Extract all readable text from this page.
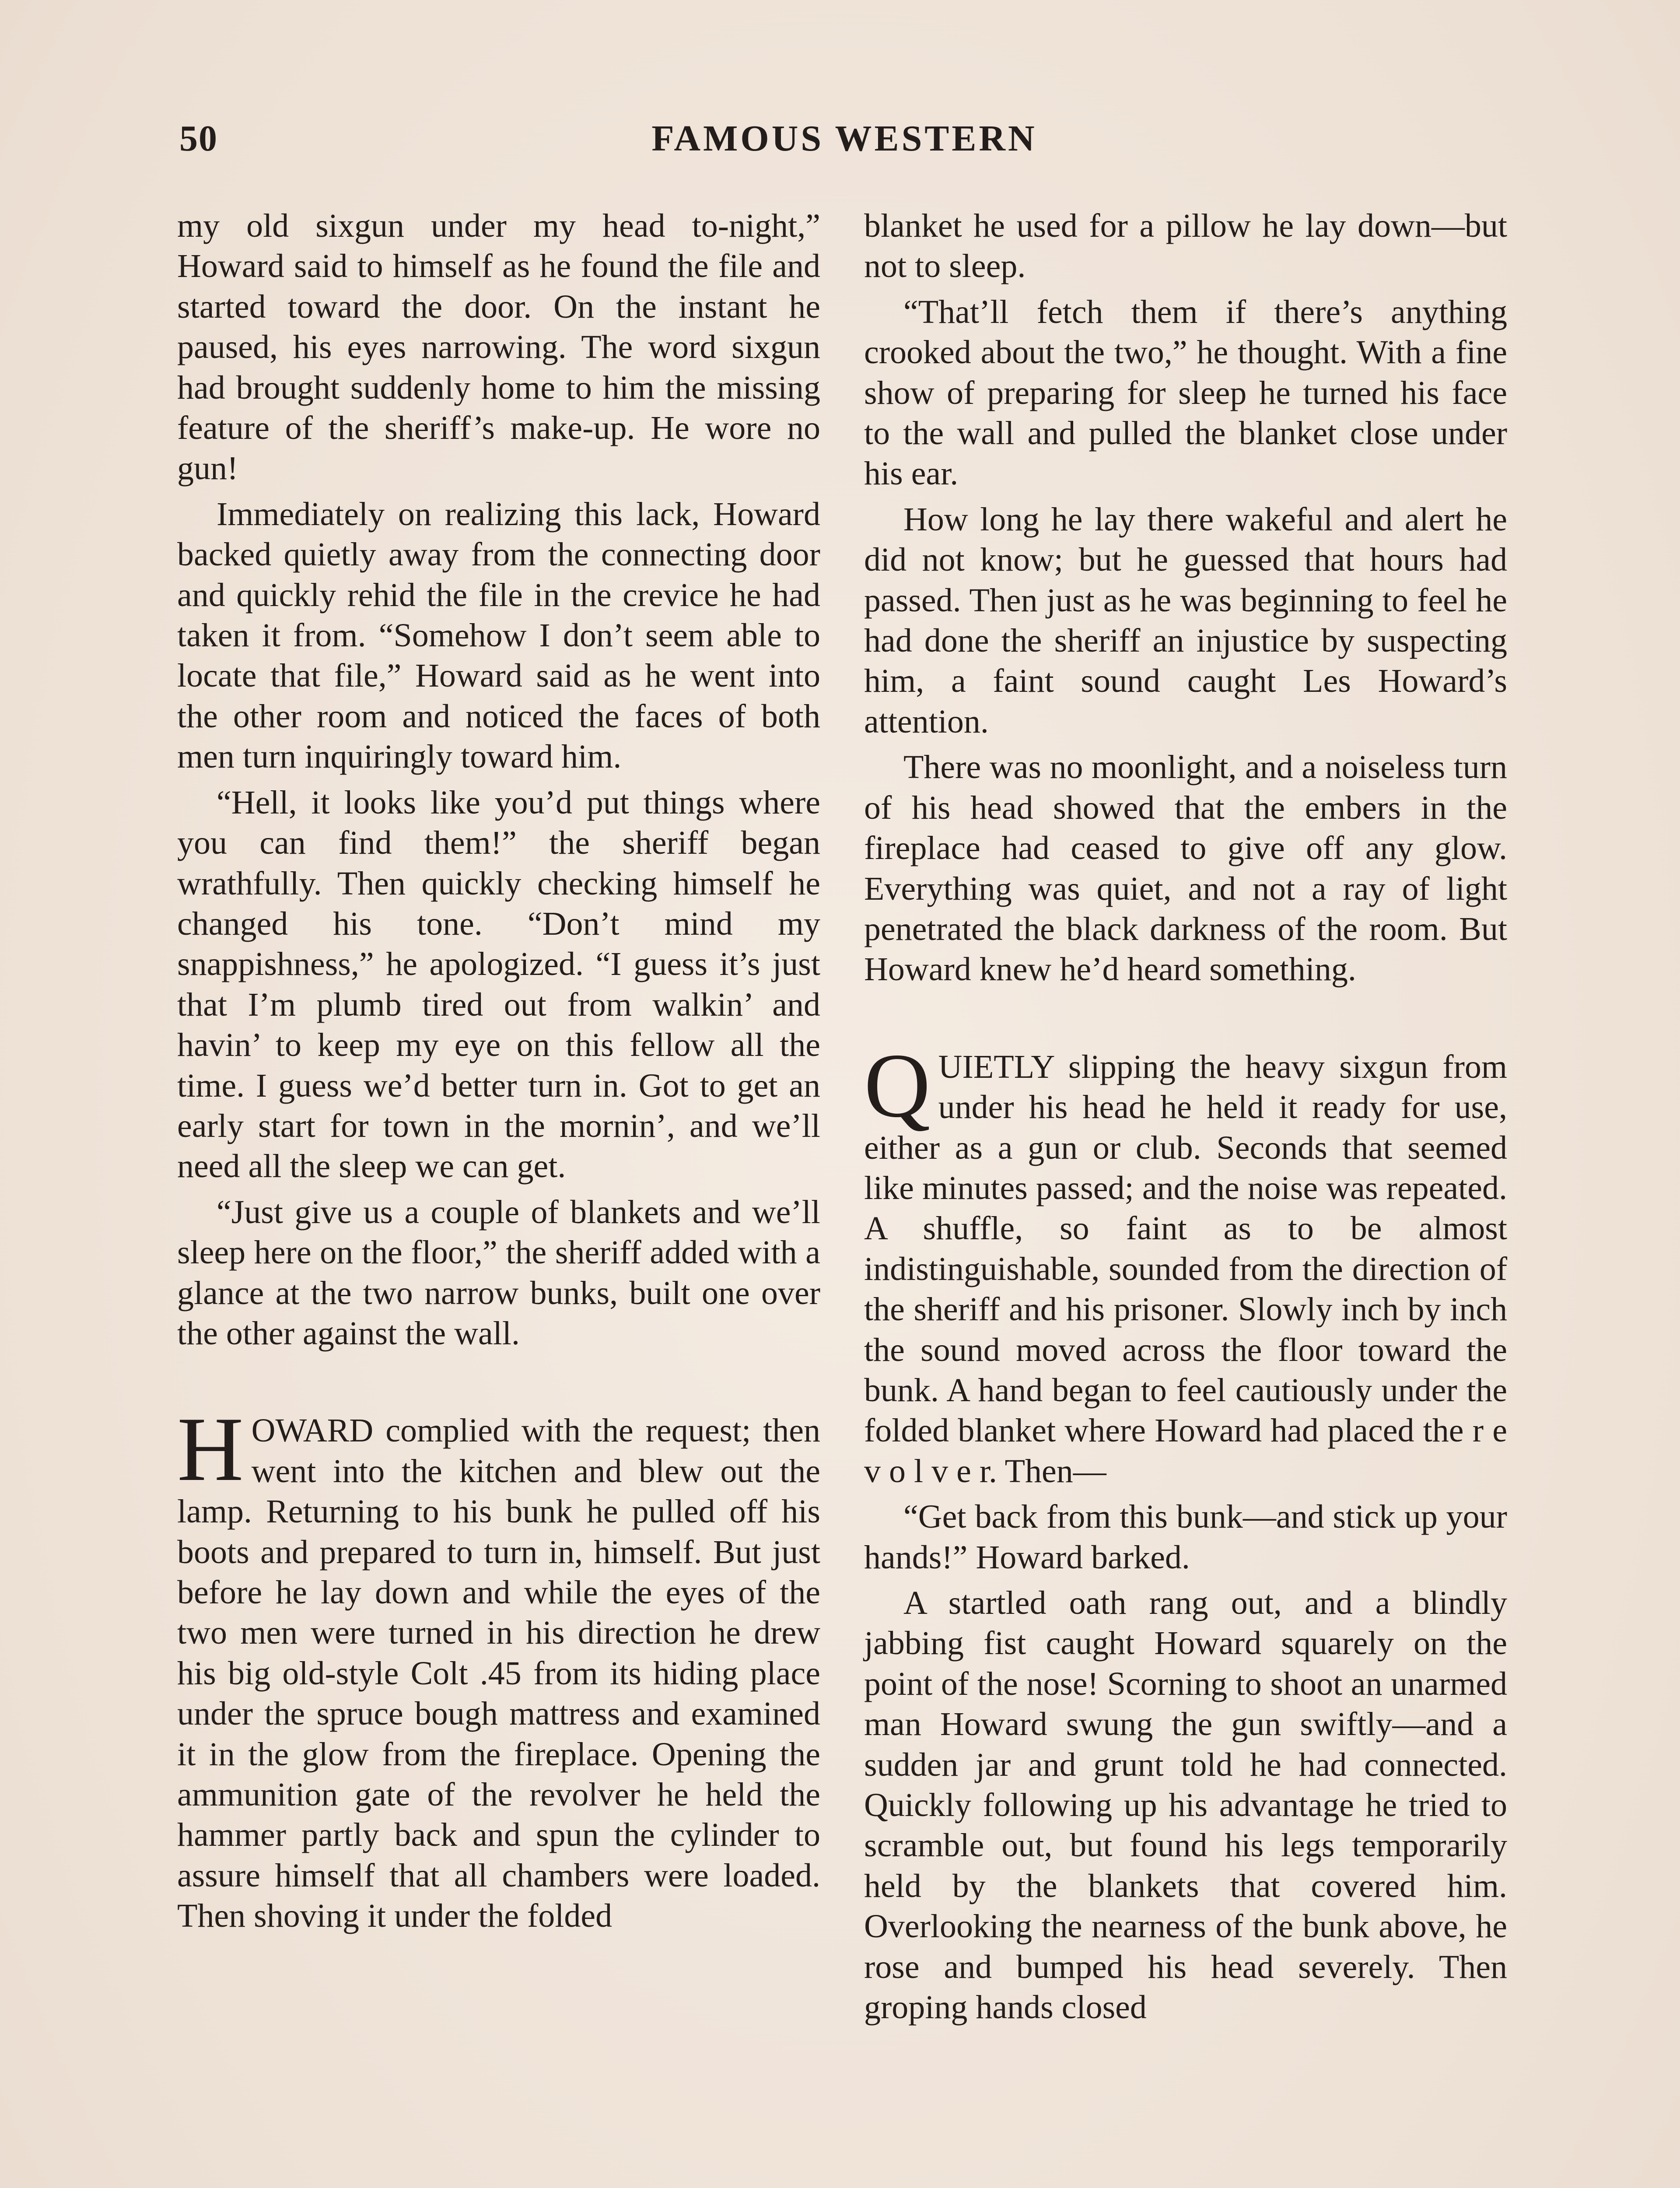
50	FAMOUS WESTERN

my old sixgun under my head to-night,” Howard said to himself as he found the file and started toward the door. On the instant he paused, his eyes narrowing. The word sixgun had brought suddenly home to him the missing feature of the sheriff’s make-up. He wore no gun!

Immediately on realizing this lack, Howard backed quietly away from the connecting door and quickly rehid the file in the crevice he had taken it from. “Somehow I don’t seem able to locate that file,” Howard said as he went into the other room and noticed the faces of both men turn inquiringly toward him.

“Hell, it looks like you’d put things where you can find them!” the sheriff began wrathfully. Then quickly checking himself he changed his tone. “Don’t mind my snappishness,” he apologized. “I guess it’s just that I’m plumb tired out from walkin’ and havin’ to keep my eye on this fellow all the time. I guess we’d better turn in. Got to get an early start for town in the mornin’, and we’ll need all the sleep we can get.

“Just give us a couple of blankets and we’ll sleep here on the floor,” the sheriff added with a glance at the two narrow bunks, built one over the other against the wall.

HOWARD complied with the request; then went into the kitchen and blew out the lamp. Returning to his bunk he pulled off his boots and prepared to turn in, himself. But just before he lay down and while the eyes of the two men were turned in his direction he drew his big old-style Colt .45 from its hiding place under the spruce bough mattress and examined it in the glow from the fireplace. Opening the ammunition gate of the revolver he held the hammer partly back and spun the cylinder to assure himself that all chambers were loaded. Then shoving it under the folded

blanket he used for a pillow he lay down—but not to sleep.

“That’ll fetch them if there’s anything crooked about the two,” he thought. With a fine show of preparing for sleep he turned his face to the wall and pulled the blanket close under his ear.

How long he lay there wakeful and alert he did not know; but he guessed that hours had passed. Then just as he was beginning to feel he had done the sheriff an injustice by suspecting him, a faint sound caught Les Howard’s attention.

There was no moonlight, and a noiseless turn of his head showed that the embers in the fireplace had ceased to give off any glow. Everything was quiet, and not a ray of light penetrated the black darkness of the room. But Howard knew he’d heard something.

QUIETLY slipping the heavy sixgun from under his head he held it ready for use, either as a gun or club. Seconds that seemed like minutes passed; and the noise was repeated. A shuffle, so faint as to be almost indistinguishable, sounded from the direction of the sheriff and his prisoner. Slowly inch by inch the sound moved across the floor toward the bunk. A hand began to feel cautiously under the folded blanket where Howard had placed the r e v o l v e r. Then—

“Get back from this bunk—and stick up your hands!” Howard barked.

A startled oath rang out, and a blindly jabbing fist caught Howard squarely on the point of the nose! Scorning to shoot an unarmed man Howard swung the gun swiftly—and a sudden jar and grunt told he had connected. Quickly following up his advantage he tried to scramble out, but found his legs temporarily held by the blankets that covered him. Overlooking the nearness of the bunk above, he rose and bumped his head severely. Then groping hands closed
